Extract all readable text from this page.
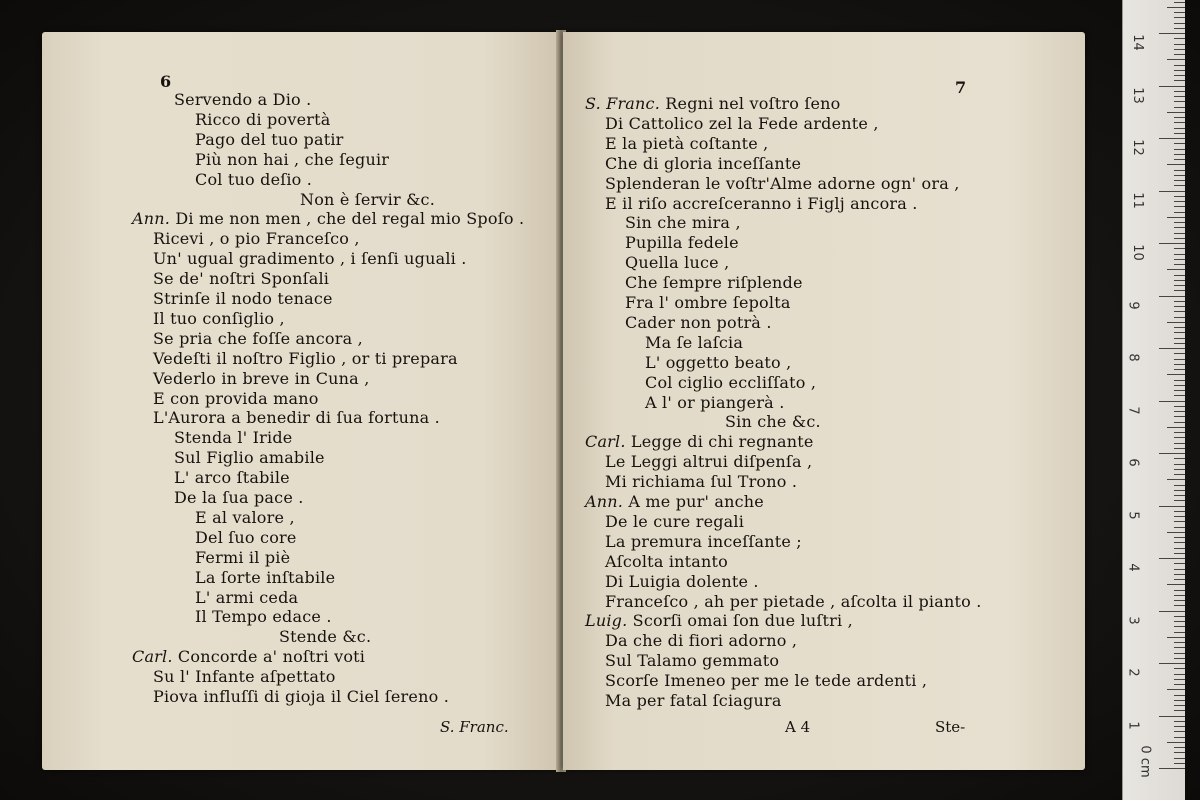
6
S. Franc.
Servendo a Dio .
Ricco di povertà
Pago del tuo patir
Più non hai , che ſeguir
Col tuo deſio .
Non è ſervir &c.
Ann. Di me non men , che del regal mio Spoſo .
Ricevi , o pio Franceſco ,
Un' ugual gradimento , i ſenſi uguali .
Se de' noſtri Sponſali
Strinſe il nodo tenace
Il tuo conſiglio ,
Se pria che foſſe ancora ,
Vedeſti il noſtro Figlio , or ti prepara
Vederlo in breve in Cuna ,
E con provida mano
L'Aurora a benedir di ſua fortuna .
Stenda l' Iride
Sul Figlio amabile
L' arco ſtabile
De la ſua pace .
E al valore ,
Del ſuo core
Fermi il piè
La ſorte inſtabile
L' armi ceda
Il Tempo edace .
Stende &c.
Carl. Concorde a' noſtri voti
Su l' Infante aſpettato
Piova influſſi di gioja il Ciel ſereno .
7
A 4	Ste-
S. Franc. Regni nel voſtro ſeno
Di Cattolico zel la Fede ardente ,
E la pietà coſtante ,
Che di gloria inceſſante
Splenderan le voſtr'Alme adorne ogn' ora ,
E il riſo accreſceranno i Figlj ancora .
Sin che mira ,
Pupilla fedele
Quella luce ,
Che ſempre riſplende
Fra l' ombre ſepolta
Cader non potrà .
Ma ſe laſcia
L' oggetto beato ,
Col ciglio eccliſſato ,
A l' or piangerà .
Sin che &c.
Carl. Legge di chi regnante
Le Leggi altrui diſpenſa ,
Mi richiama ſul Trono .
Ann. A me pur' anche
De le cure regali
La premura inceſſante ;
Aſcolta intanto
Di Luigia dolente .
Franceſco , ah per pietade , aſcolta il pianto .
Luig. Scorſi omai ſon due luſtri ,
Da che di fiori adorno ,
Sul Talamo gemmato
Scorſe Imeneo per me le tede ardenti ,
Ma per fatal ſciagura
14
13
12
11
10
9
8
7
6
5
4
3
2
1
0 cm
